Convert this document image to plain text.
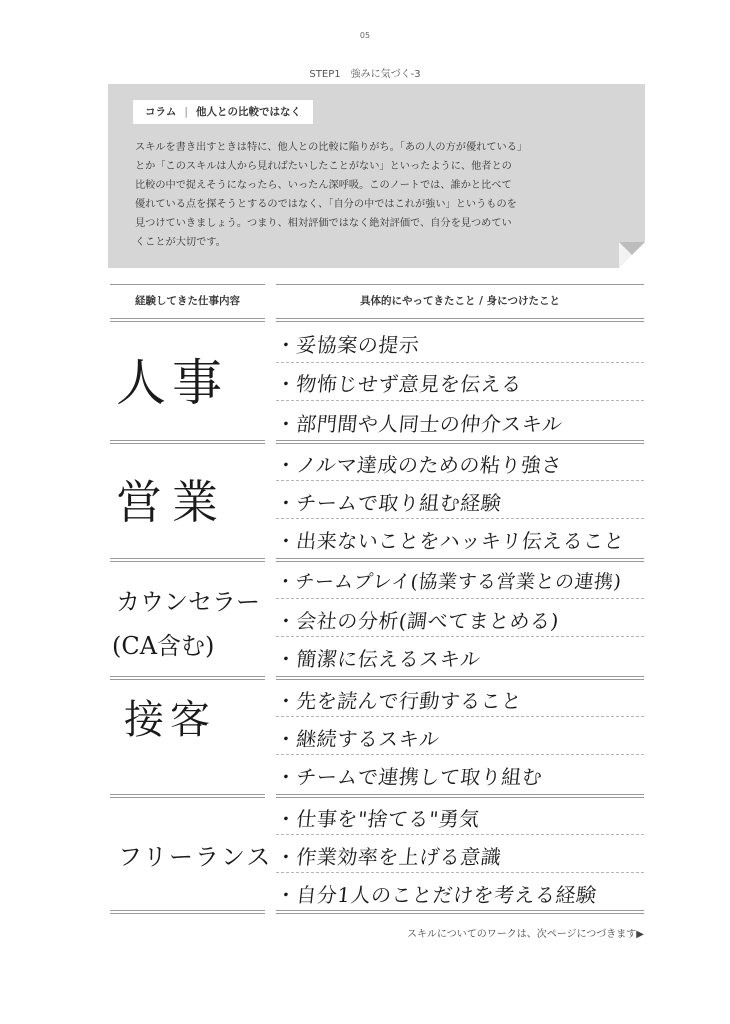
05
STEP1　強みに気づく-3
コラム | 他人との比較ではなく
スキルを書き出すときは特に、他人との比較に陥りがち。「あの人の方が優れている」
とか「このスキルは人から見ればたいしたことがない」といったように、他者との
比較の中で捉えそうになったら、いったん深呼吸。このノートでは、誰かと比べて
優れている点を探そうとするのではなく、「自分の中ではこれが強い」というものを
見つけていきましょう。つまり、相対評価ではなく絶対評価で、自分を見つめてい
くことが大切です。
経験してきた仕事内容	具体的にやってきたこと / 身につけたこと
人事
営業
カウンセラー
(CA含む)
接客
フリーランス
・妥協案の提示
・物怖じせず意見を伝える
・部門間や人同士の仲介スキル
・ノルマ達成のための粘り強さ
・チームで取り組む経験
・出来ないことをハッキリ伝えること
・チームプレイ(協業する営業との連携)
・会社の分析(調べてまとめる)
・簡潔に伝えるスキル
・先を読んで行動すること
・継続するスキル
・チームで連携して取り組む
・仕事を"捨てる"勇気
・作業効率を上げる意識
・自分1人のことだけを考える経験
スキルについてのワークは、次ページにつづきます▶
